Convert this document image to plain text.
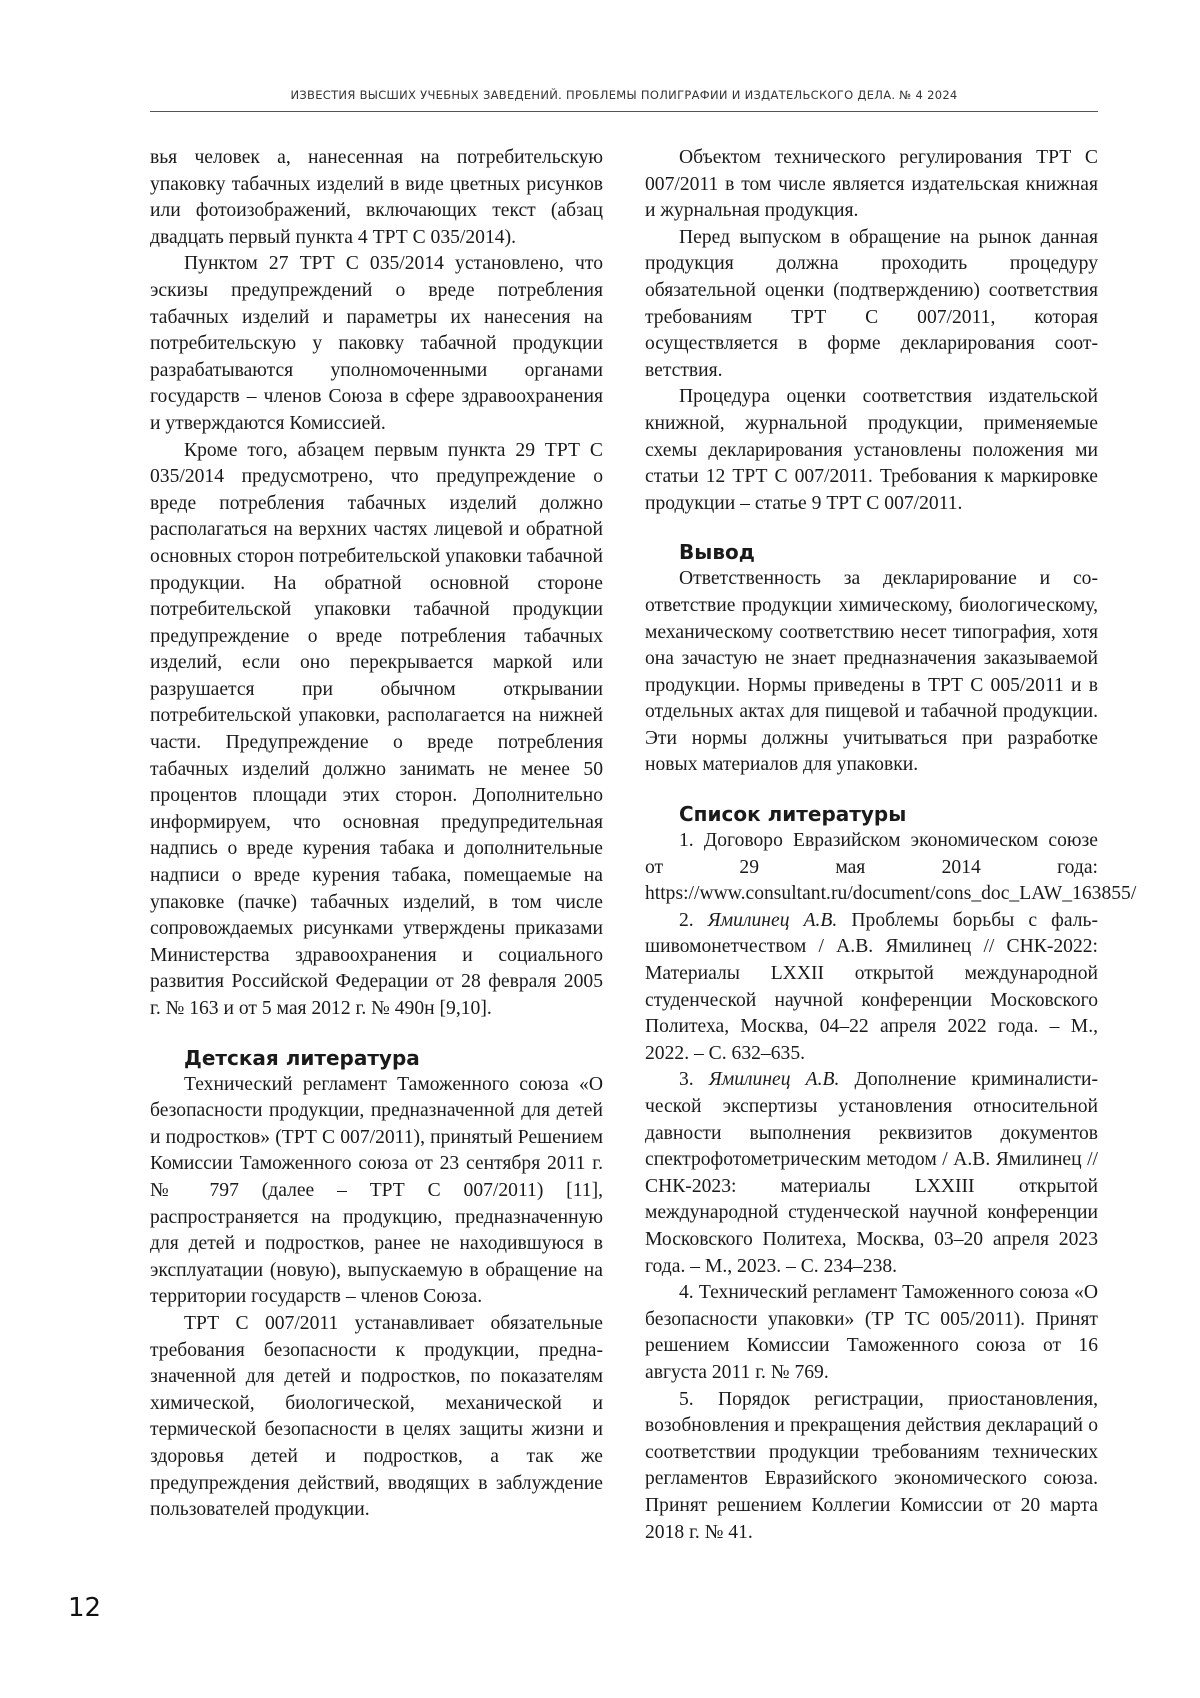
ИЗВЕСТИЯ ВЫСШИХ УЧЕБНЫХ ЗАВЕДЕНИЙ. ПРОБЛЕМЫ ПОЛИГРАФИИ И ИЗДАТЕЛЬСКОГО ДЕЛА. № 4 2024

вья человек а, нанесенная на потребительскую упаковку табачных изделий в виде цветных рисунков или фотоизображений, включающих текст (абзац двадцать первый пункта 4 ТРТ С 035/2014).

Пунктом 27 ТРТ С 035/2014 установлено, что эскизы предупреждений о вреде потребления табачных изделий и параметры их нанесения на потребительскую у паковку табачной продукции разрабатываются уполномоченными органами государств – членов Союза в сфере здравоохранения и утверждаются Комиссией.

Кроме того, абзацем первым пункта 29 ТРТ С 035/2014 предусмотрено, что предупреждение о вреде потребления табачных изделий должно располагаться на верхних частях лицевой и обратной основных сторон потребительской упаковки табачной продукции. На обратной основной стороне потребительской упаковки табачной продукции предупреждение о вреде потребления табачных изделий, если оно перекрывается маркой или разрушается при обычном открывании потребительской упаковки, располагается на нижней части. Предупреждение о вреде потребления табачных изделий должно занимать не менее 50 процентов площади этих сторон. Дополнительно информируем, что основная предупредительная надпись о вреде курения табака и дополнительные надписи о вреде курения табака, помещаемые на упаковке (пачке) табачных изделий, в том числе сопровождаемых рисунками утверждены приказами Министерства здравоохранения и социального развития Российской Федерации от 28 февраля 2005 г. № 163 и от 5 мая 2012 г. № 490н [9,10].

Детская литература

Технический регламент Таможенного союза «О безопасности продукции, предназначенной для детей и подростков» (ТРТ С 007/2011), принятый Решением Комиссии Таможенного союза от 23 сентября 2011 г. № 797 (далее – ТРТ С 007/2011) [11], распространяется на продукцию, предназначенную для детей и подростков, ранее не находившуюся в эксплуатации (новую), выпускаемую в обращение на территории государств – членов Союза.

ТРТ С 007/2011 устанавливает обязательные требования безопасности к продукции, предназначенной для детей и подростков, по показателям химической, биологической, механической и термической безопасности в целях защиты жизни и здоровья детей и подростков, а так же предупреждения действий, вводящих в заблуждение пользователей продукции.

Объектом технического регулирования ТРТ С 007/2011 в том числе является издательская книжная и журнальная продукция.

Перед выпуском в обращение на рынок данная продукция должна проходить процедуру обязательной оценки (подтверждению) соответствия требованиям ТРТ С 007/2011, которая осуществляется в форме декларирования соответствия.

Процедура оценки соответствия издательской книжной, журнальной продукции, применяемые схемы декларирования установлены положения ми статьи 12 ТРТ С 007/2011. Требования к маркировке продукции – статье 9 ТРТ С 007/2011.

Вывод

Ответственность за декларирование и соответствие продукции химическому, биологическому, механическому соответствию несет типография, хотя она зачастую не знает предназначения заказываемой продукции. Нормы приведены в ТРТ С 005/2011 и в отдельных актах для пищевой и табачной продукции. Эти нормы должны учитываться при разработке новых материалов для упаковки.

Список литературы

1. Договоро Евразийском экономическом союзе от 29 мая 2014 года: https://www.consultant.ru/document/cons_doc_LAW_163855/

2. Ямилинец А.В. Проблемы борьбы с фальшивомонетчеством / А.В. Ямилинец // СНК-2022: Материалы LXXII открытой международной студенческой научной конференции Московского Политеха, Москва, 04–22 апреля 2022 года. – М., 2022. – С. 632–635.

3. Ямилинец А.В. Дополнение криминалистической экспертизы установления относительной давности выполнения реквизитов документов спектрофотометрическим методом / А.В. Ямилинец // СНК-2023: материалы LXXIII открытой международной студенческой научной конференции Московского Политеха, Москва, 03–20 апреля 2023 года. – М., 2023. – С. 234–238.

4. Технический регламент Таможенного союза «О безопасности упаковки» (ТР ТС 005/2011). Принят решением Комиссии Таможенного союза от 16 августа 2011 г. № 769.

5. Порядок регистрации, приостановления, возобновления и прекращения действия деклараций о соответствии продукции требованиям технических регламентов Евразийского экономического союза. Принят решением Коллегии Комиссии от 20 марта 2018 г. № 41.

12
